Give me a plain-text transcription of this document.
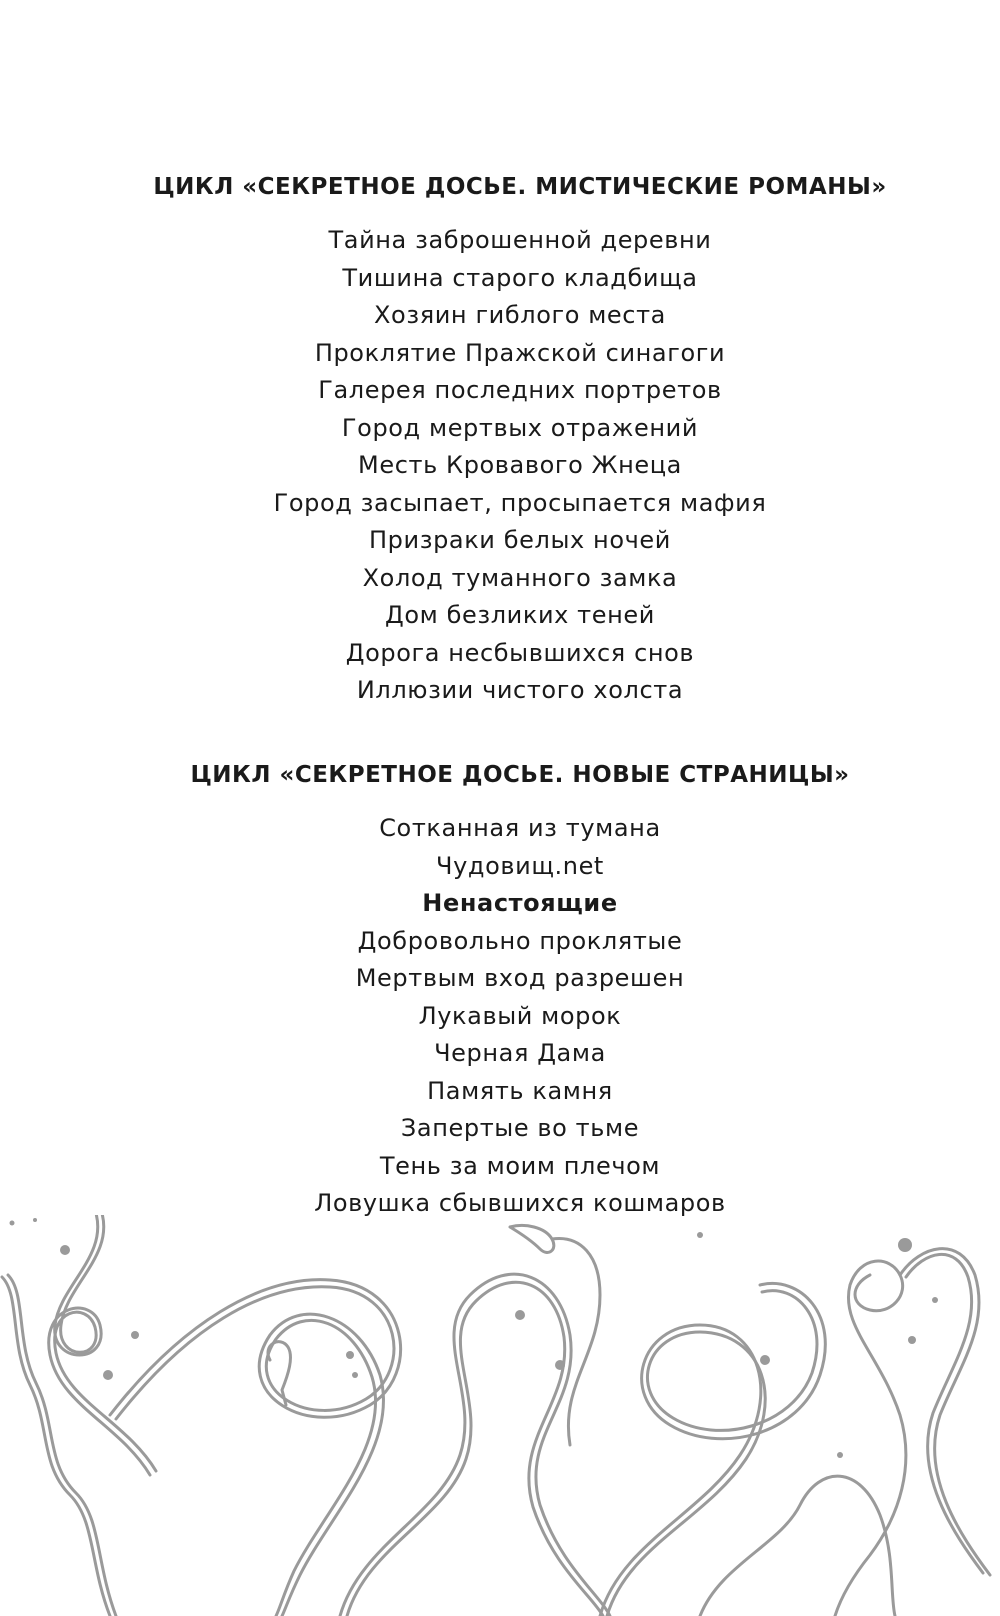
ЦИКЛ «СЕКРЕТНОЕ ДОСЬЕ. МИСТИЧЕСКИЕ РОМАНЫ»
Тайна заброшенной деревни
Тишина старого кладбища
Хозяин гиблого места
Проклятие Пражской синагоги
Галерея последних портретов
Город мертвых отражений
Месть Кровавого Жнеца
Город засыпает, просыпается мафия
Призраки белых ночей
Холод туманного замка
Дом безликих теней
Дорога несбывшихся снов
Иллюзии чистого холста
ЦИКЛ «СЕКРЕТНОЕ ДОСЬЕ. НОВЫЕ СТРАНИЦЫ»
Сотканная из тумана
Чудовищ.net
Ненастоящие
Добровольно проклятые
Мертвым вход разрешен
Лукавый морок
Черная Дама
Память камня
Запертые во тьме
Тень за моим плечом
Ловушка сбывшихся кошмаров
